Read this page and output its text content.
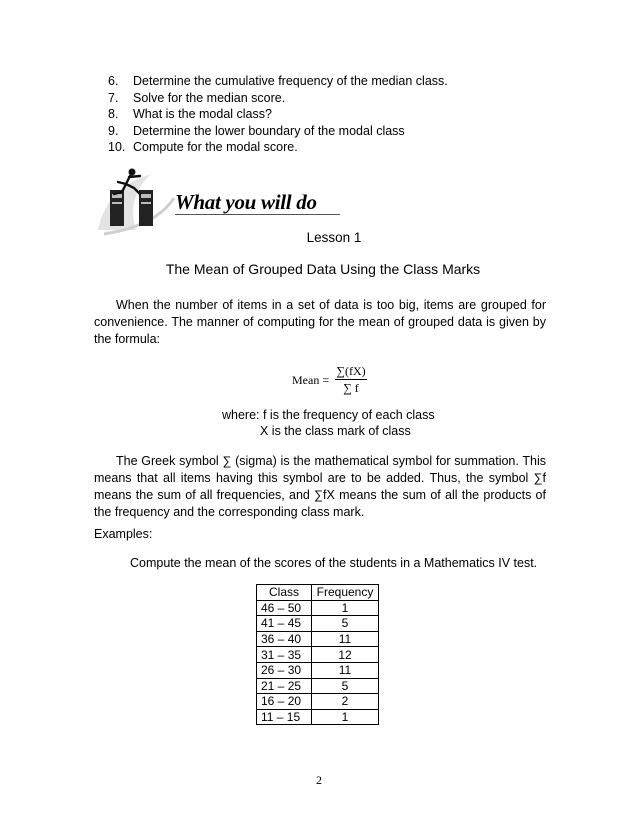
6. Determine the cumulative frequency of the median class.
7. Solve for the median score.
8. What is the modal class?
9. Determine the lower boundary of the modal class
10. Compute for the modal score.
What you will do
Lesson 1
The Mean of Grouped Data Using the Class Marks
When the number of items in a set of data is too big, items are grouped for convenience. The manner of computing for the mean of grouped data is given by the formula:
Mean =
∑(fX)
∑ f
where: f is the frequency of each class
X is the class mark of class
The Greek symbol ∑ (sigma) is the mathematical symbol for summation. This means that all items having this symbol are to be added. Thus, the symbol ∑f means the sum of all frequencies, and ∑fX means the sum of all the products of the frequency and the corresponding class mark.
Examples:
Compute the mean of the scores of the students in a Mathematics IV test.
Class	Frequency
46 – 50	1
41 – 45	5
36 – 40	11
31 – 35	12
26 – 30	11
21 – 25	5
16 – 20	2
11 – 15	1
2
